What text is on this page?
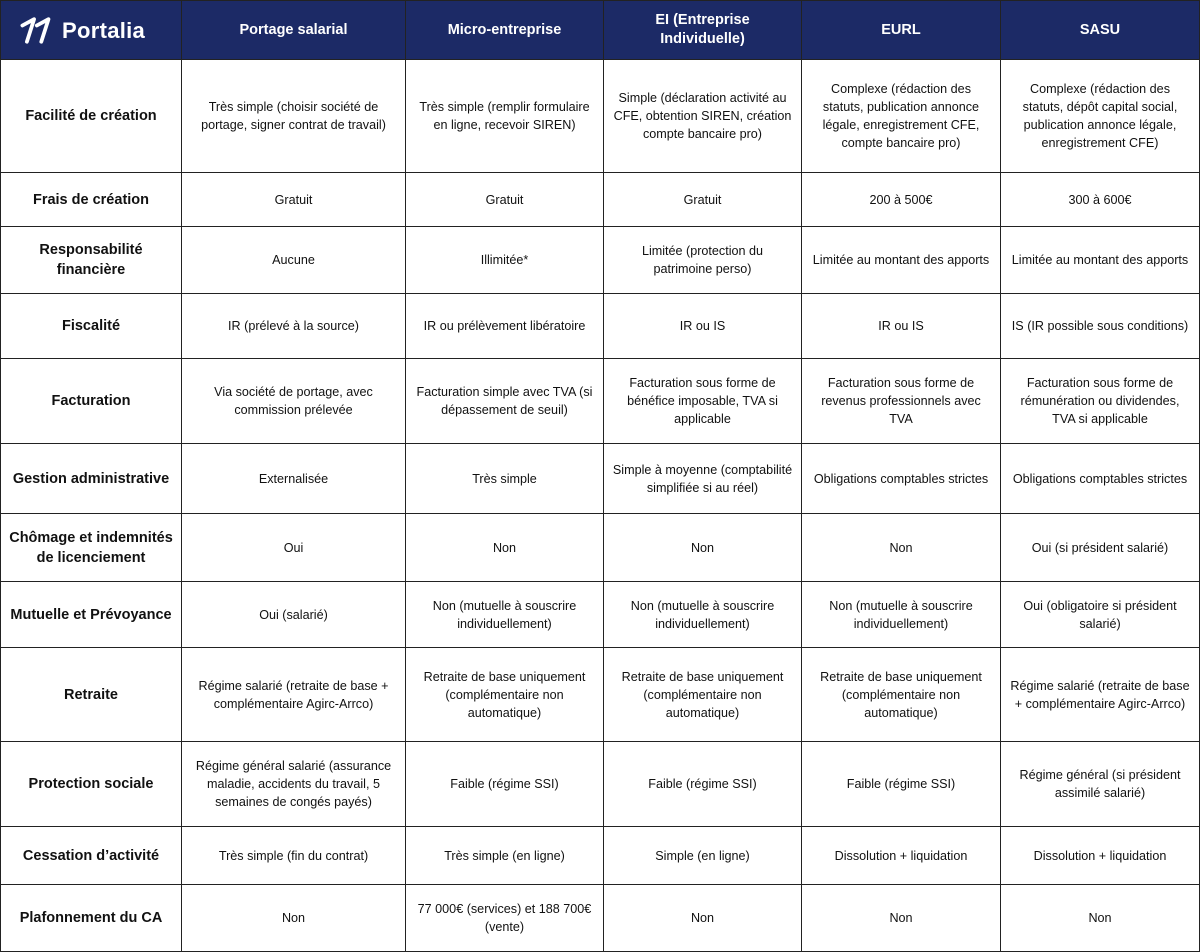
Portalia	Portage salarial	Micro-entreprise	EI (Entreprise Individuelle)	EURL	SASU
Facilité de création	Très simple (choisir société de portage, signer contrat de travail)	Très simple (remplir formulaire en ligne, recevoir SIREN)	Simple (déclaration activité au CFE, obtention SIREN, création compte bancaire pro)	Complexe (rédaction des statuts, publication annonce légale, enregistrement CFE, compte bancaire pro)	Complexe (rédaction des statuts, dépôt capital social, publication annonce légale, enregistrement CFE)
Frais de création	Gratuit	Gratuit	Gratuit	200 à 500€	300 à 600€
Responsabilité financière	Aucune	Illimitée*	Limitée (protection du patrimoine perso)	Limitée au montant des apports	Limitée au montant des apports
Fiscalité	IR (prélevé à la source)	IR ou prélèvement libératoire	IR ou IS	IR ou IS	IS (IR possible sous conditions)
Facturation	Via société de portage, avec commission prélevée	Facturation simple avec TVA (si dépassement de seuil)	Facturation sous forme de bénéfice imposable, TVA si applicable	Facturation sous forme de revenus professionnels avec TVA	Facturation sous forme de rémunération ou dividendes, TVA si applicable
Gestion administrative	Externalisée	Très simple	Simple à moyenne (comptabilité simplifiée si au réel)	Obligations comptables strictes	Obligations comptables strictes
Chômage et indemnités de licenciement	Oui	Non	Non	Non	Oui (si président salarié)
Mutuelle et Prévoyance	Oui (salarié)	Non (mutuelle à souscrire individuellement)	Non (mutuelle à souscrire individuellement)	Non (mutuelle à souscrire individuellement)	Oui (obligatoire si président salarié)
Retraite	Régime salarié (retraite de base + complémentaire Agirc-Arrco)	Retraite de base uniquement (complémentaire non automatique)	Retraite de base uniquement (complémentaire non automatique)	Retraite de base uniquement (complémentaire non automatique)	Régime salarié (retraite de base + complémentaire Agirc-Arrco)
Protection sociale	Régime général salarié (assurance maladie, accidents du travail, 5 semaines de congés payés)	Faible (régime SSI)	Faible (régime SSI)	Faible (régime SSI)	Régime général (si président assimilé salarié)
Cessation d’activité	Très simple (fin du contrat)	Très simple (en ligne)	Simple (en ligne)	Dissolution + liquidation	Dissolution + liquidation
Plafonnement du CA	Non	77 000€ (services) et 188 700€ (vente)	Non	Non	Non
